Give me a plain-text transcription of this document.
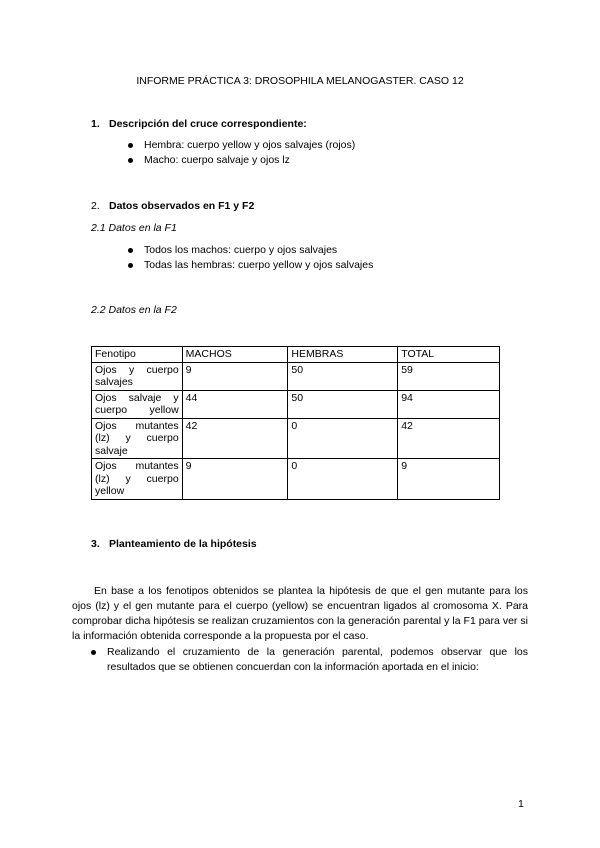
INFORME PRÁCTICA 3: DROSOPHILA MELANOGASTER. CASO 12
1. Descripción del cruce correspondiente:
Hembra: cuerpo yellow y ojos salvajes (rojos)
Macho: cuerpo salvaje y ojos lz
2. Datos observados en F1 y F2
2.1 Datos en la F1
Todos los machos: cuerpo y ojos salvajes
Todas las hembras: cuerpo yellow y ojos salvajes
2.2 Datos en la F2
Fenotipo	MACHOS	HEMBRAS	TOTAL
Ojos y cuerpo salvajes	9	50	59
Ojos salvaje y cuerpo yellow	44	50	94
Ojos mutantes (lz) y cuerpo salvaje	42	0	42
Ojos mutantes (lz) y cuerpo yellow	9	0	9
3. Planteamiento de la hipótesis
En base a los fenotipos obtenidos se plantea la hipótesis de que el gen mutante para los ojos (lz) y el gen mutante para el cuerpo (yellow) se encuentran ligados al cromosoma X. Para comprobar dicha hipótesis se realizan cruzamientos con la generación parental y la F1 para ver si la información obtenida corresponde a la propuesta por el caso.
Realizando el cruzamiento de la generación parental, podemos observar que los resultados que se obtienen concuerdan con la información aportada en el inicio:
1
